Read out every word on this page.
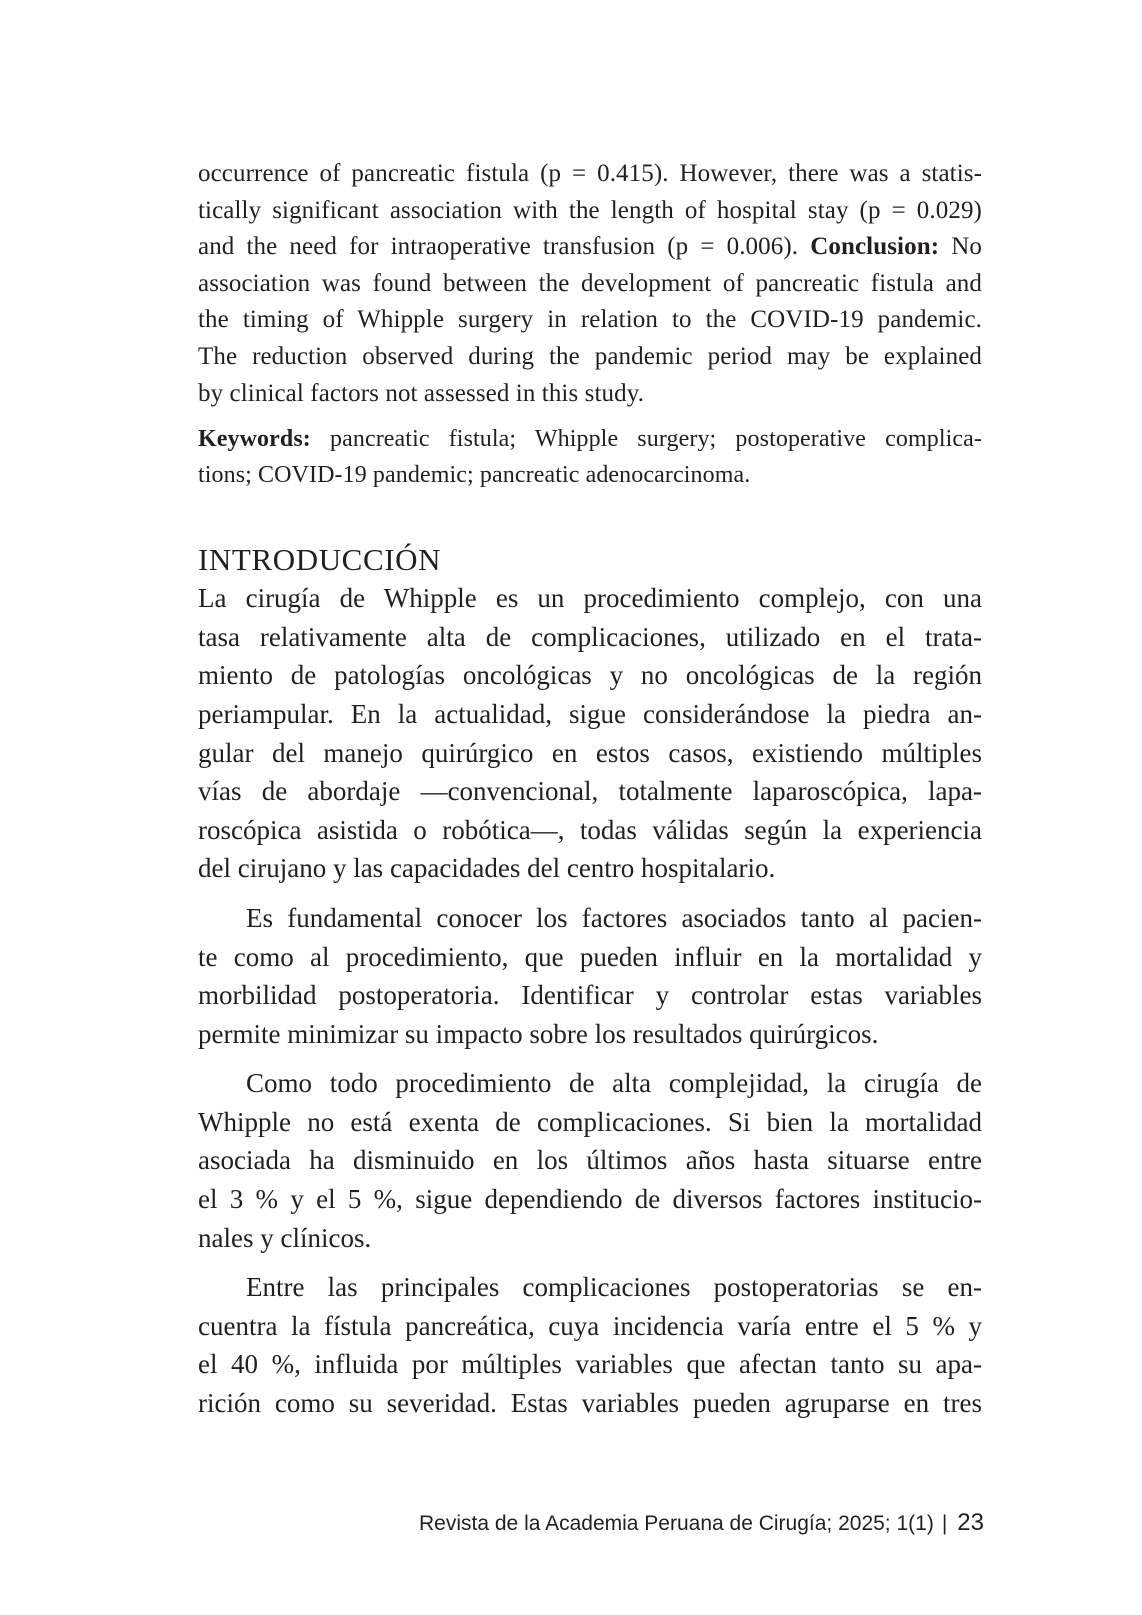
occurrence of pancreatic fistula (p = 0.415). However, there was a statis-
tically significant association with the length of hospital stay (p = 0.029)
and the need for intraoperative transfusion (p = 0.006). Conclusion: No
association was found between the development of pancreatic fistula and
the timing of Whipple surgery in relation to the COVID-19 pandemic.
The reduction observed during the pandemic period may be explained
by clinical factors not assessed in this study.

Keywords: pancreatic fistula; Whipple surgery; postoperative complica-
tions; COVID-19 pandemic; pancreatic adenocarcinoma.

INTRODUCCIÓN

La cirugía de Whipple es un procedimiento complejo, con una
tasa relativamente alta de complicaciones, utilizado en el trata-
miento de patologías oncológicas y no oncológicas de la región
periampular. En la actualidad, sigue considerándose la piedra an-
gular del manejo quirúrgico en estos casos, existiendo múltiples
vías de abordaje —convencional, totalmente laparoscópica, lapa-
roscópica asistida o robótica—, todas válidas según la experiencia
del cirujano y las capacidades del centro hospitalario.

Es fundamental conocer los factores asociados tanto al pacien-
te como al procedimiento, que pueden influir en la mortalidad y
morbilidad postoperatoria. Identificar y controlar estas variables
permite minimizar su impacto sobre los resultados quirúrgicos.

Como todo procedimiento de alta complejidad, la cirugía de
Whipple no está exenta de complicaciones. Si bien la mortalidad
asociada ha disminuido en los últimos años hasta situarse entre
el 3 % y el 5 %, sigue dependiendo de diversos factores institucio-
nales y clínicos.

Entre las principales complicaciones postoperatorias se en-
cuentra la fístula pancreática, cuya incidencia varía entre el 5 % y
el 40 %, influida por múltiples variables que afectan tanto su apa-
rición como su severidad. Estas variables pueden agruparse en tres

Revista de la Academia Peruana de Cirugía; 2025; 1(1) | 23
